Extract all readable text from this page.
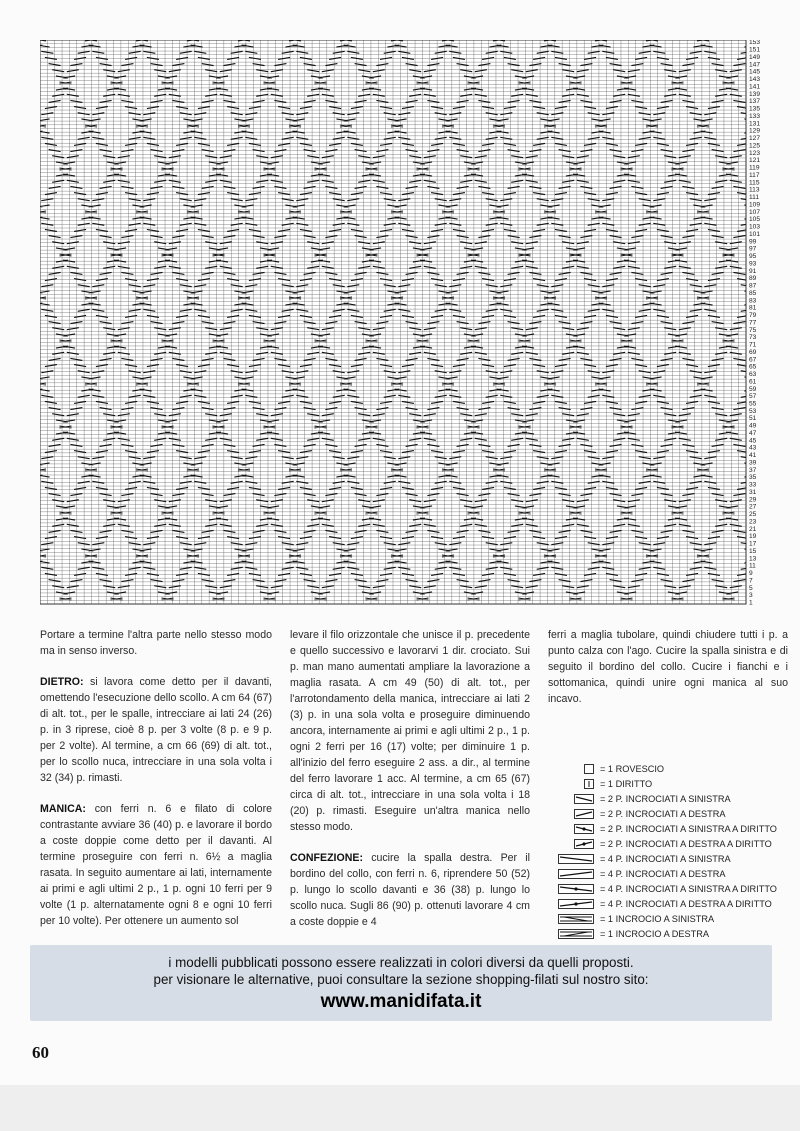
153
151
149
147
145
143
141
139
137
135
133
131
129
127
125
123
121
119
117
115
113
111
109
107
105
103
101
99
97
95
93
91
89
87
85
83
81
79
77
75
73
71
69
67
65
63
61
59
57
55
53
51
49
47
45
43
41
39
37
35
33
31
29
27
25
23
21
19
17
15
13
11
9
7
5
3
1

Portare a termine l'altra parte nello stesso modo ma in senso inverso.

DIETRO: si lavora come detto per il davanti, omettendo l'esecuzione dello scollo. A cm 64 (67) di alt. tot., per le spalle, intrecciare ai lati 24 (26) p. in 3 riprese, cioè 8 p. per 3 volte (8 p. e 9 p. per 2 volte). Al termine, a cm 66 (69) di alt. tot., per lo scollo nuca, intrecciare in una sola volta i 32 (34) p. rimasti.

MANICA: con ferri n. 6 e filato di colore contrastante avviare 36 (40) p. e lavorare il bordo a coste doppie come detto per il davanti. Al termine proseguire con ferri n. 6½ a maglia rasata. In seguito aumentare ai lati, internamente ai primi e agli ultimi 2 p., 1 p. ogni 10 ferri per 9 volte (1 p. alternatamente ogni 8 e ogni 10 ferri per 10 volte). Per ottenere un aumento sol

levare il filo orizzontale che unisce il p. precedente e quello successivo e lavorarvi 1 dir. crociato. Sui p. man mano aumentati ampliare la lavorazione a maglia rasata. A cm 49 (50) di alt. tot., per l'arrotondamento della manica, intrecciare ai lati 2 (3) p. in una sola volta e proseguire diminuendo ancora, internamente ai primi e agli ultimi 2 p., 1 p. ogni 2 ferri per 16 (17) volte; per diminuire 1 p. all'inizio del ferro eseguire 2 ass. a dir., al termine del ferro lavorare 1 acc. Al termine, a cm 65 (67) circa di alt. tot., intrecciare in una sola volta i 18 (20) p. rimasti. Eseguire un'altra manica nello stesso modo.

CONFEZIONE: cucire la spalla destra. Per il bordino del collo, con ferri n. 6, riprendere 50 (52) p. lungo lo scollo davanti e 36 (38) p. lungo lo scollo nuca. Sugli 86 (90) p. ottenuti lavorare 4 cm a coste doppie e 4

ferri a maglia tubolare, quindi chiudere tutti i p. a punto calza con l'ago. Cucire la spalla sinistra e di seguito il bordino del collo. Cucire i fianchi e i sottomanica, quindi unire ogni manica al suo incavo.

= 1 ROVESCIO
= 1 DIRITTO
= 2 P. INCROCIATI A SINISTRA
= 2 P. INCROCIATI A DESTRA
= 2 P. INCROCIATI A SINISTRA A DIRITTO
= 2 P. INCROCIATI A DESTRA A DIRITTO
= 4 P. INCROCIATI A SINISTRA
= 4 P. INCROCIATI A DESTRA
= 4 P. INCROCIATI A SINISTRA A DIRITTO
= 4 P. INCROCIATI A DESTRA A DIRITTO
= 1 INCROCIO A SINISTRA
= 1 INCROCIO A DESTRA
i modelli pubblicati possono essere realizzati in colori diversi da quelli proposti.
per visionare le alternative, puoi consultare la sezione shopping-filati sul nostro sito:
www.manidifata.it
60
